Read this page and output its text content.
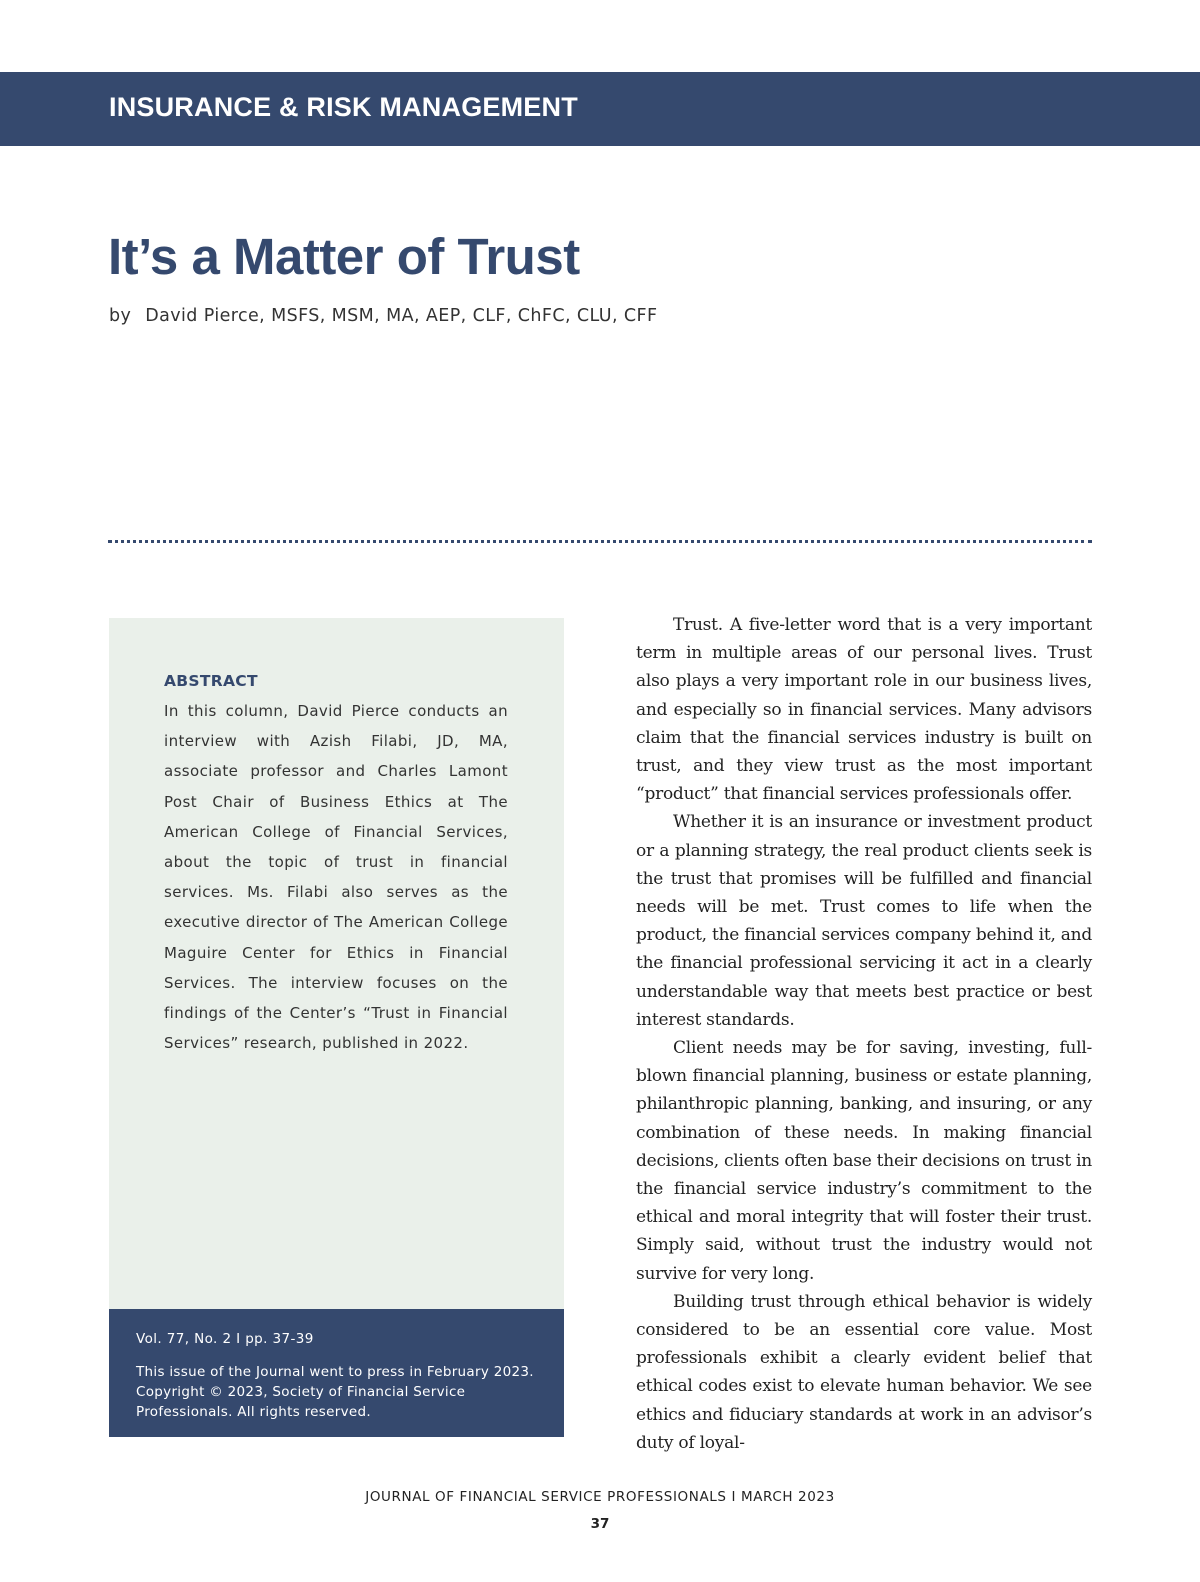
INSURANCE & RISK MANAGEMENT
It’s a Matter of Trust
by David Pierce, MSFS, MSM, MA, AEP, CLF, ChFC, CLU, CFF
ABSTRACT

In this column, David Pierce conducts an interview with Azish Filabi, JD, MA, associate professor and Charles Lamont Post Chair of Business Ethics at The American College of Financial Services, about the topic of trust in financial services. Ms. Filabi also serves as the executive director of The American College Maguire Center for Ethics in Financial Services. The interview focuses on the findings of the Center’s “Trust in Financial Services” research, published in 2022.

Vol. 77, No. 2 I pp. 37-39
This issue of the Journal went to press in February 2023. Copyright © 2023, Society of Financial Service Professionals. All rights reserved.

Trust. A five-letter word that is a very important term in multiple areas of our personal lives. Trust also plays a very important role in our business lives, and especially so in financial services. Many advisors claim that the financial services industry is built on trust, and they view trust as the most important “product” that financial services professionals offer.

Whether it is an insurance or investment product or a planning strategy, the real product clients seek is the trust that promises will be fulfilled and financial needs will be met. Trust comes to life when the product, the financial services company behind it, and the financial professional servicing it act in a clearly understandable way that meets best practice or best interest standards.

Client needs may be for saving, investing, full-blown financial planning, business or estate planning, philanthropic planning, banking, and insuring, or any combination of these needs. In making financial decisions, clients often base their decisions on trust in the financial service industry’s commitment to the ethical and moral integrity that will foster their trust. Simply said, without trust the industry would not survive for very long.

Building trust through ethical behavior is widely considered to be an essential core value. Most professionals exhibit a clearly evident belief that ethical codes exist to elevate human behavior. We see ethics and fiduciary standards at work in an advisor’s duty of loyal-

JOURNAL OF FINANCIAL SERVICE PROFESSIONALS I MARCH 2023
37
